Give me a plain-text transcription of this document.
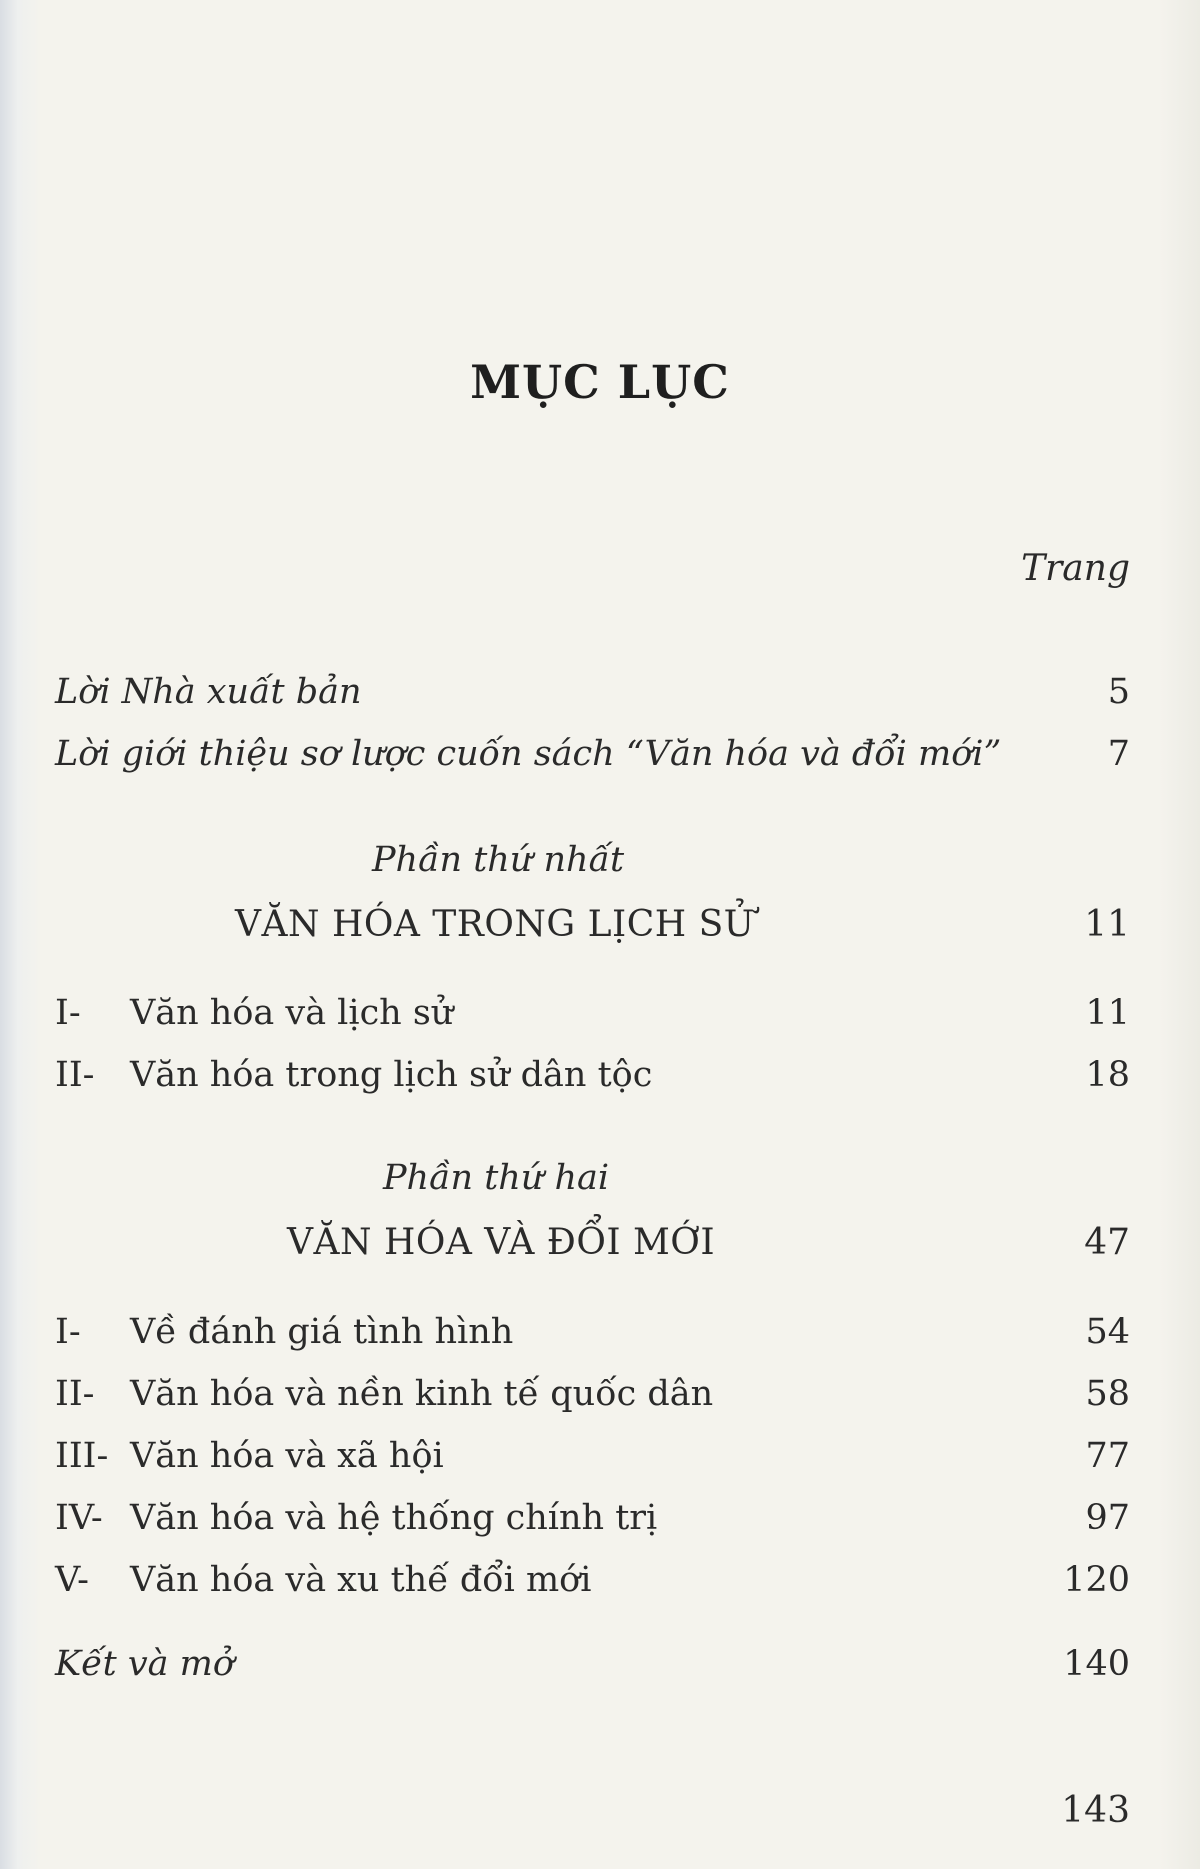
MỤC LỤC
Trang
Lời Nhà xuất bản	5
Lời giới thiệu sơ lược cuốn sách “Văn hóa và đổi mới”	7
Phần thứ nhất
VĂN HÓA TRONG LỊCH SỬ	11
I-	Văn hóa và lịch sử	11
II-	Văn hóa trong lịch sử dân tộc	18
Phần thứ hai
VĂN HÓA VÀ ĐỔI MỚI	47
I-	Về đánh giá tình hình	54
II-	Văn hóa và nền kinh tế quốc dân	58
III- Văn hóa và xã hội	77
IV- Văn hóa và hệ thống chính trị	97
V-	Văn hóa và xu thế đổi mới	120
Kết và mở	140
143
